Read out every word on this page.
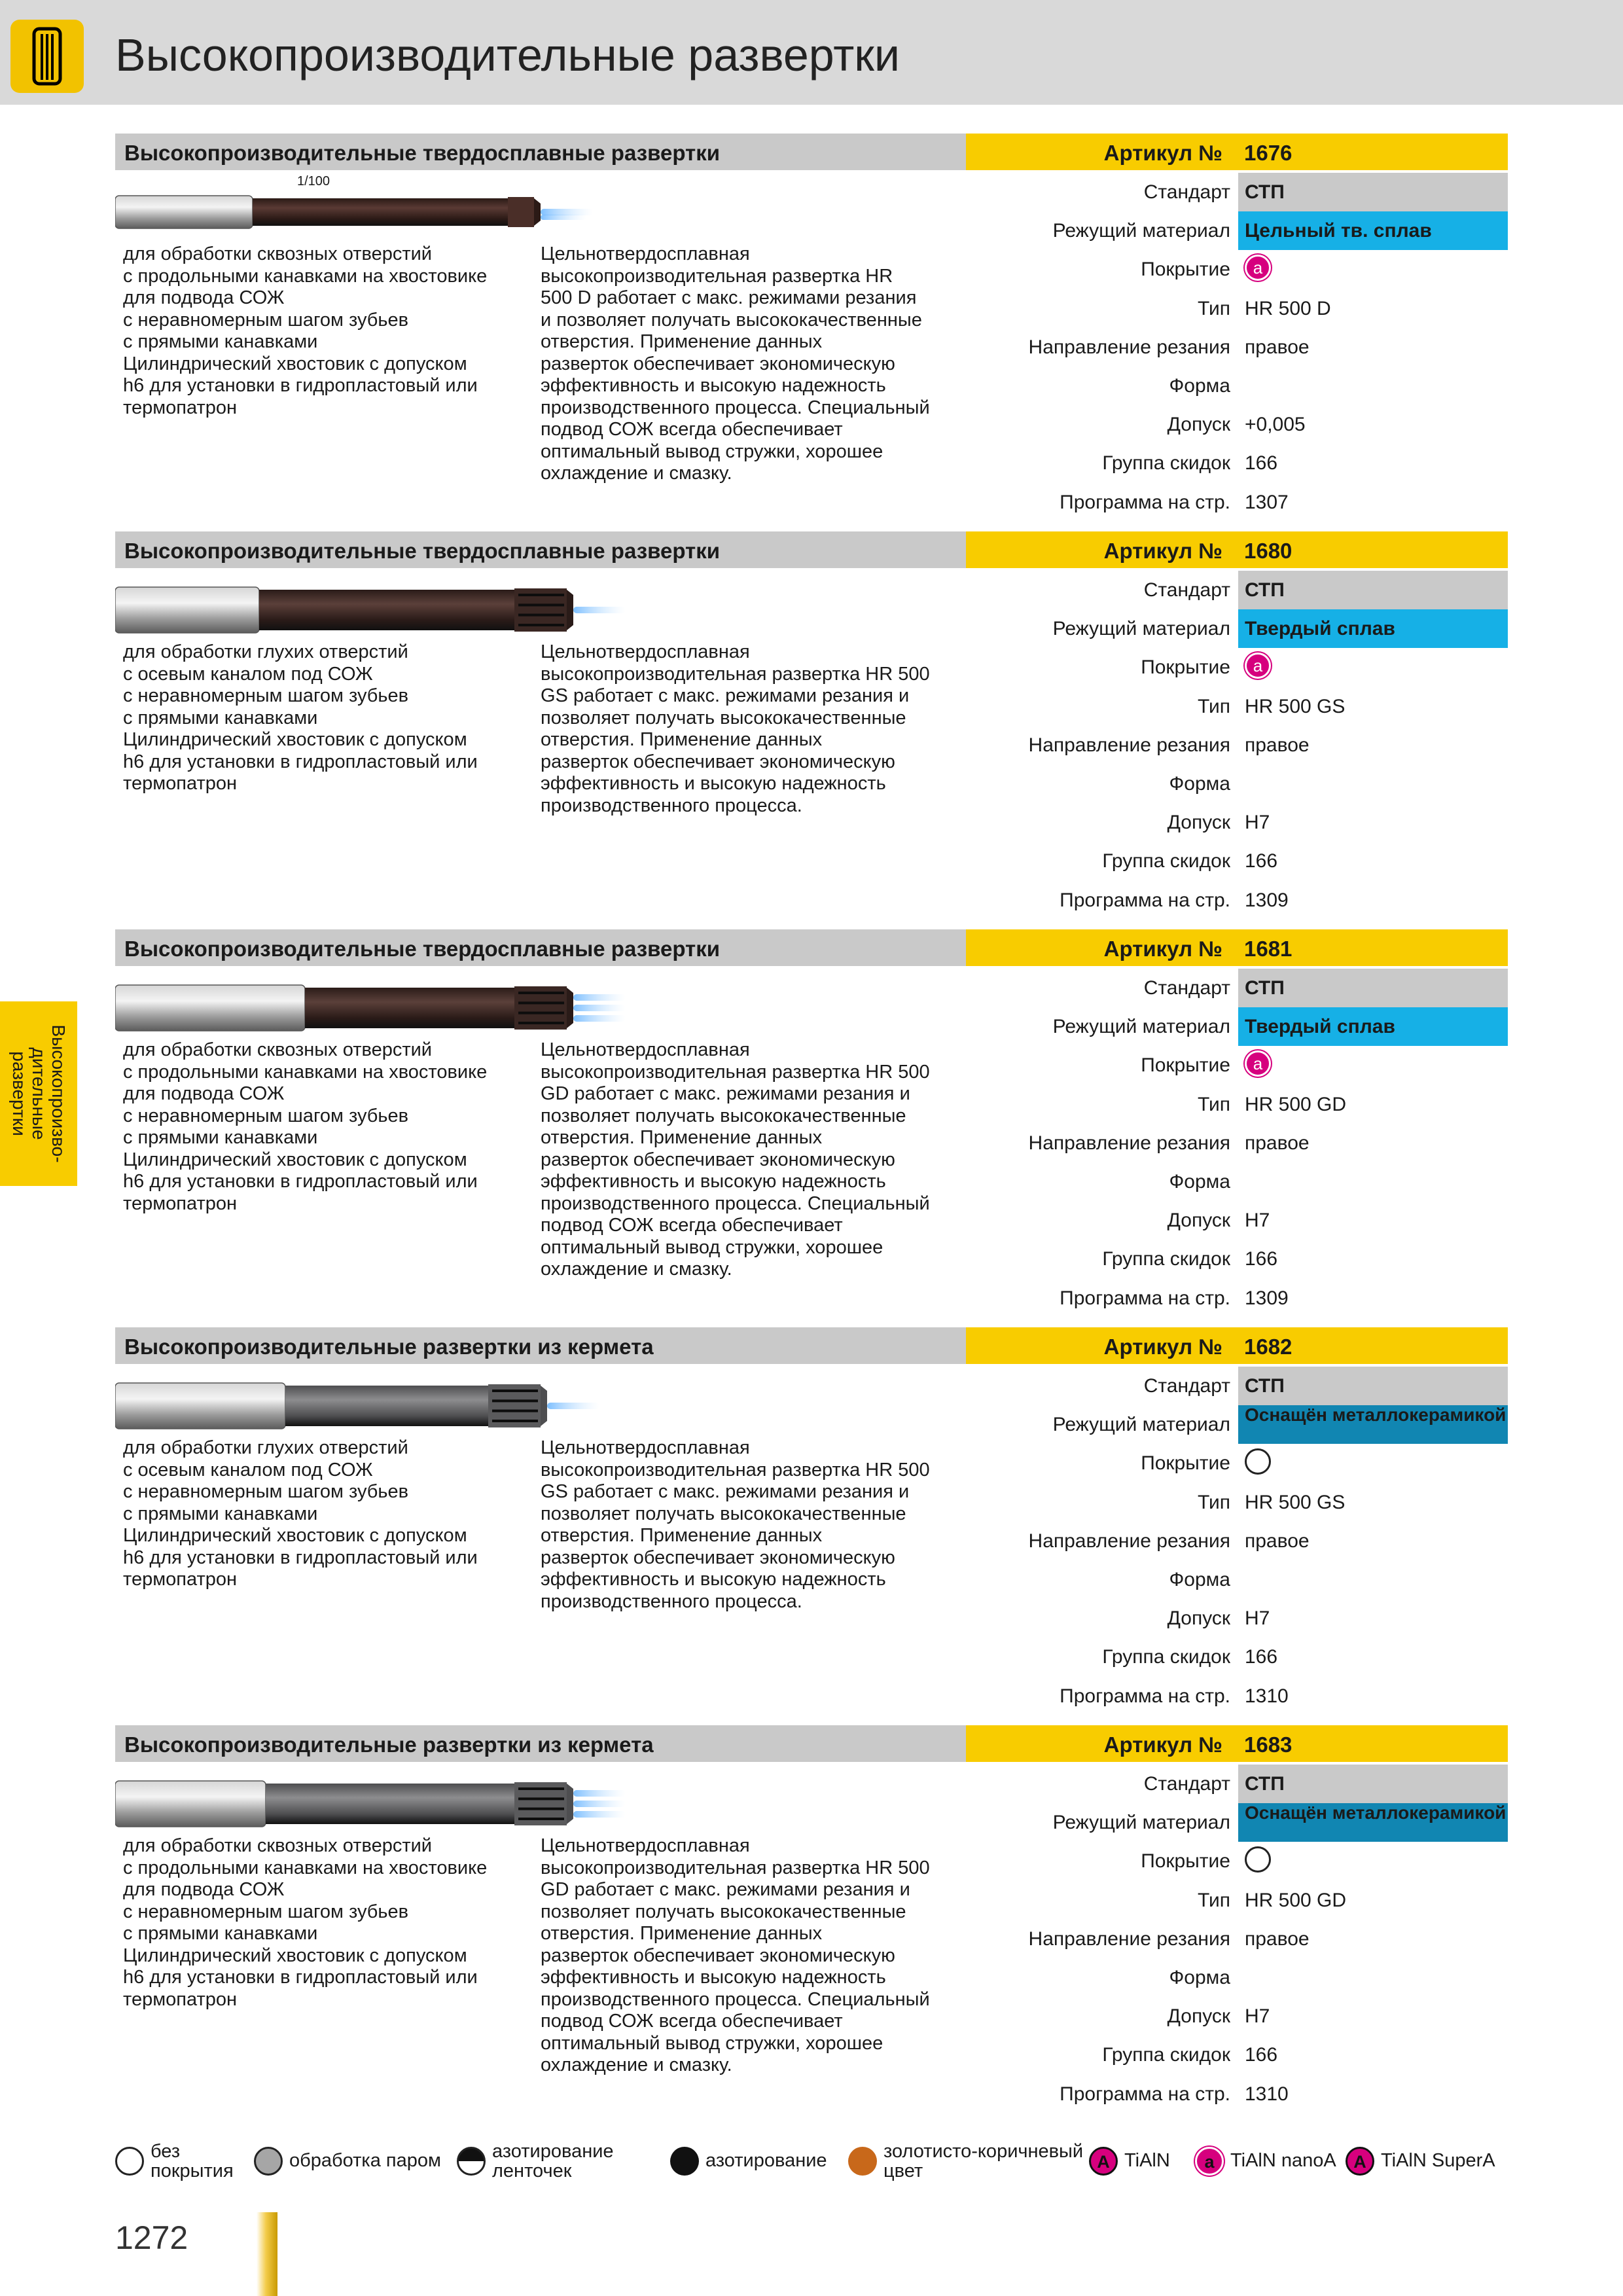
Высокопроизводительные развертки
Высокопроизво-
дительные
развертки
Высокопроизводительные твердосплавные развертки	Артикул № 1676
1/100
для обработки сквозных отверстий
с продольными канавками на хвостовике
для подвода СОЖ
с неравномерным шагом зубьев
с прямыми канавками
Цилиндрический хвостовик с допуском
h6 для установки в гидропластовый или
термопатрон
Цельнотвердосплавная
высокопроизводительная развертка HR
500 D работает с макс. режимами резания
и позволяет получать высококачественные
отверстия. Применение данных
разверток обеспечивает экономическую
эффективность и высокую надежность
производственного процесса. Специальный
подвод СОЖ всегда обеспечивает
оптимальный вывод стружки, хорошее
охлаждение и смазку.
Стандарт СТП
Режущий материал Цельный тв. сплав
Покрытие a
Тип HR 500 D
Направление резания правое
Форма
Допуск +0,005
Группа скидок 166
Программа на стр. 1307
Высокопроизводительные твердосплавные развертки	Артикул № 1680
для обработки глухих отверстий
с осевым каналом под СОЖ
с неравномерным шагом зубьев
с прямыми канавками
Цилиндрический хвостовик с допуском
h6 для установки в гидропластовый или
термопатрон
Цельнотвердосплавная
высокопроизводительная развертка HR 500
GS работает с макс. режимами резания и
позволяет получать высококачественные
отверстия. Применение данных
разверток обеспечивает экономическую
эффективность и высокую надежность
производственного процесса.
Стандарт СТП
Режущий материал Твердый сплав
Покрытие a
Тип HR 500 GS
Направление резания правое
Форма
Допуск H7
Группа скидок 166
Программа на стр. 1309
Высокопроизводительные твердосплавные развертки	Артикул № 1681
для обработки сквозных отверстий
с продольными канавками на хвостовике
для подвода СОЖ
с неравномерным шагом зубьев
с прямыми канавками
Цилиндрический хвостовик с допуском
h6 для установки в гидропластовый или
термопатрон
Цельнотвердосплавная
высокопроизводительная развертка HR 500
GD работает с макс. режимами резания и
позволяет получать высококачественные
отверстия. Применение данных
разверток обеспечивает экономическую
эффективность и высокую надежность
производственного процесса. Специальный
подвод СОЖ всегда обеспечивает
оптимальный вывод стружки, хорошее
охлаждение и смазку.
Стандарт СТП
Режущий материал Твердый сплав
Покрытие a
Тип HR 500 GD
Направление резания правое
Форма
Допуск H7
Группа скидок 166
Программа на стр. 1309
Высокопроизводительные развертки из кермета	Артикул № 1682
для обработки глухих отверстий
с осевым каналом под СОЖ
с неравномерным шагом зубьев
с прямыми канавками
Цилиндрический хвостовик с допуском
h6 для установки в гидропластовый или
термопатрон
Цельнотвердосплавная
высокопроизводительная развертка HR 500
GS работает с макс. режимами резания и
позволяет получать высококачественные
отверстия. Применение данных
разверток обеспечивает экономическую
эффективность и высокую надежность
производственного процесса.
Стандарт СТП
Режущий материал Оснащён металлокерамикой
Покрытие
Тип HR 500 GS
Направление резания правое
Форма
Допуск H7
Группа скидок 166
Программа на стр. 1310
Высокопроизводительные развертки из кермета	Артикул № 1683
для обработки сквозных отверстий
с продольными канавками на хвостовике
для подвода СОЖ
с неравномерным шагом зубьев
с прямыми канавками
Цилиндрический хвостовик с допуском
h6 для установки в гидропластовый или
термопатрон
Цельнотвердосплавная
высокопроизводительная развертка HR 500
GD работает с макс. режимами резания и
позволяет получать высококачественные
отверстия. Применение данных
разверток обеспечивает экономическую
эффективность и высокую надежность
производственного процесса. Специальный
подвод СОЖ всегда обеспечивает
оптимальный вывод стружки, хорошее
охлаждение и смазку.
Стандарт СТП
Режущий материал Оснащён металлокерамикой
Покрытие
Тип HR 500 GD
Направление резания правое
Форма
Допуск H7
Группа скидок 166
Программа на стр. 1310
без
покрытия	обработка паром	азотирование
ленточек	азотирование	золотисто-коричневый
цвет	A TiAlN a TiAlN nanoA A TiAlN SuperA
1272
